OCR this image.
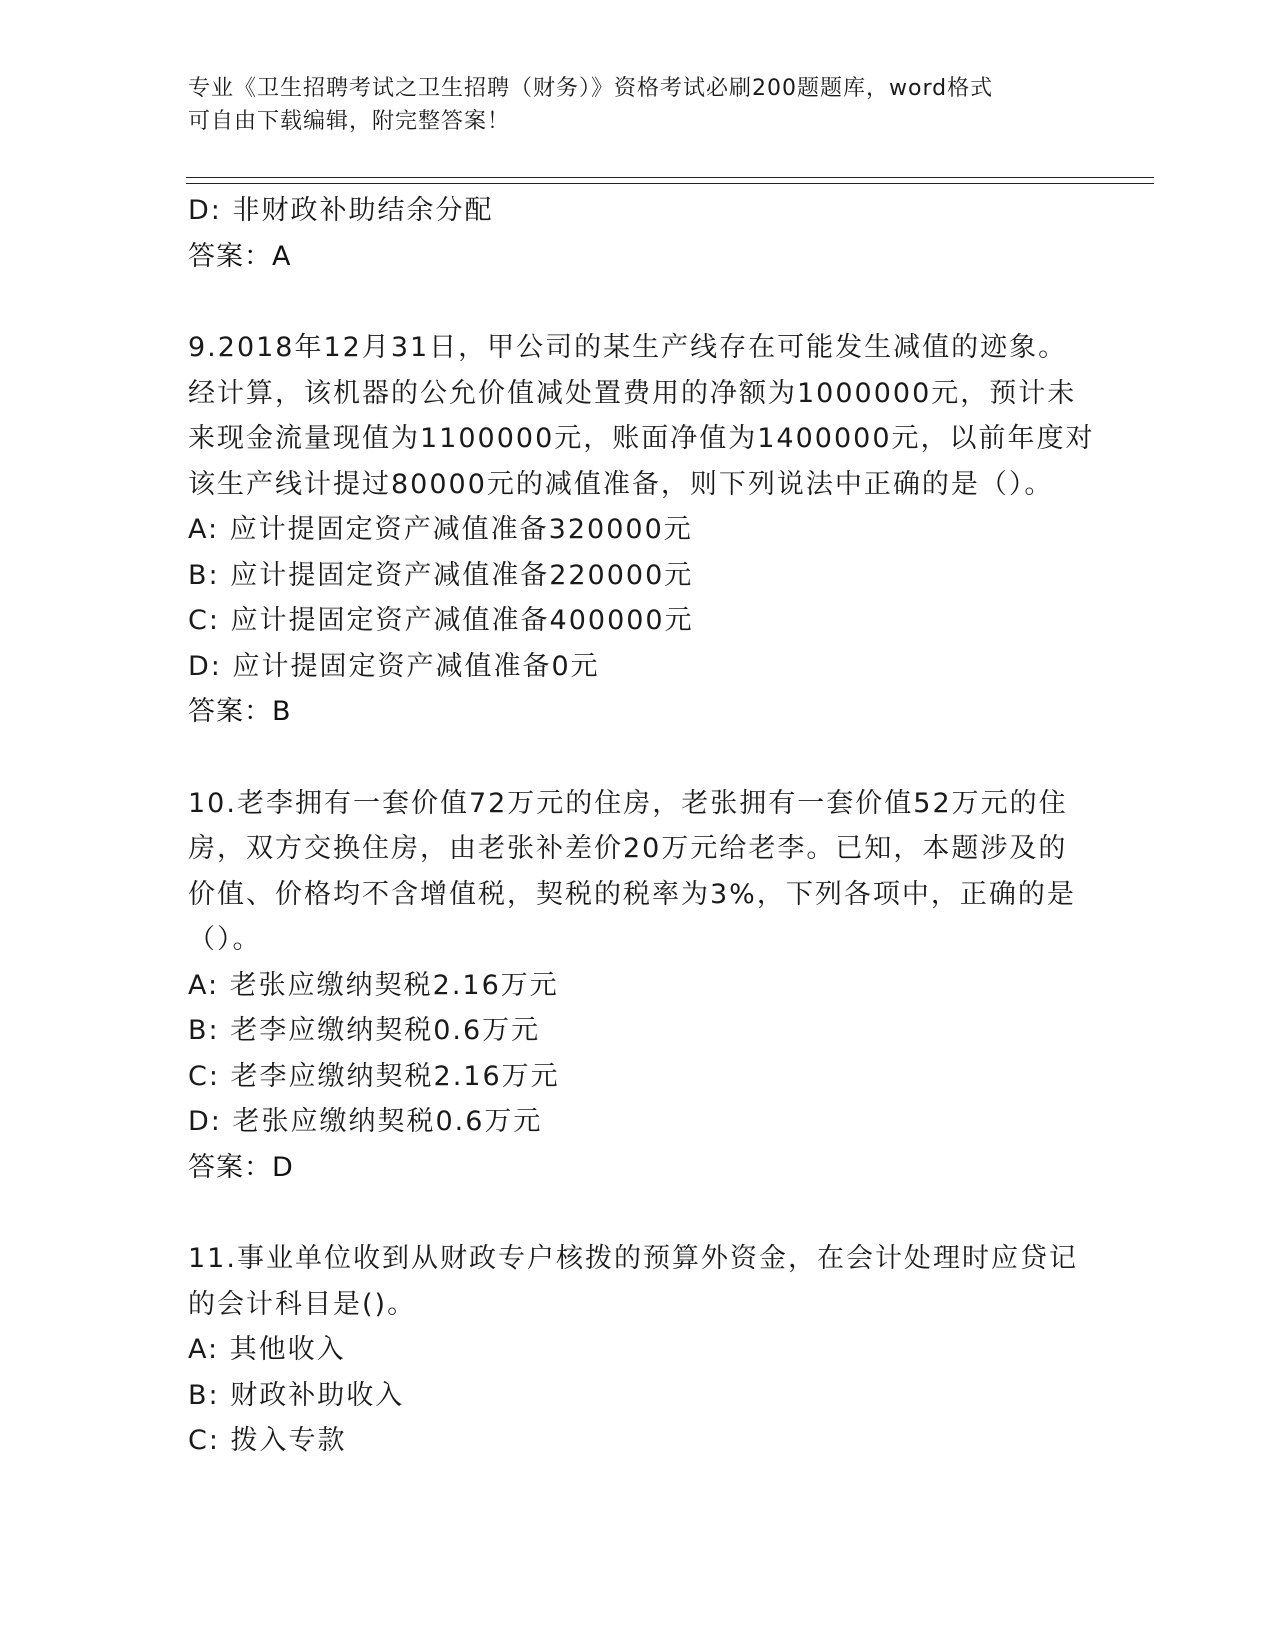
专业《卫生招聘考试之卫生招聘（财务）》资格考试必刷200题题库，word格式
可自由下载编辑，附完整答案！
D: 非财政补助结余分配
答案：A
9.2018年12月31日，甲公司的某生产线存在可能发生减值的迹象。
经计算，该机器的公允价值减处置费用的净额为1000000元，预计未
来现金流量现值为1100000元，账面净值为1400000元，以前年度对
该生产线计提过80000元的减值准备，则下列说法中正确的是（）。
A: 应计提固定资产减值准备320000元
B: 应计提固定资产减值准备220000元
C: 应计提固定资产减值准备400000元
D: 应计提固定资产减值准备0元
答案：B
10.老李拥有一套价值72万元的住房，老张拥有一套价值52万元的住
房，双方交换住房，由老张补差价20万元给老李。已知，本题涉及的
价值、价格均不含增值税，契税的税率为3%，下列各项中，正确的是
（）。
A: 老张应缴纳契税2.16万元
B: 老李应缴纳契税0.6万元
C: 老李应缴纳契税2.16万元
D: 老张应缴纳契税0.6万元
答案：D
11.事业单位收到从财政专户核拨的预算外资金，在会计处理时应贷记
的会计科目是()。
A: 其他收入
B: 财政补助收入
C: 拨入专款
